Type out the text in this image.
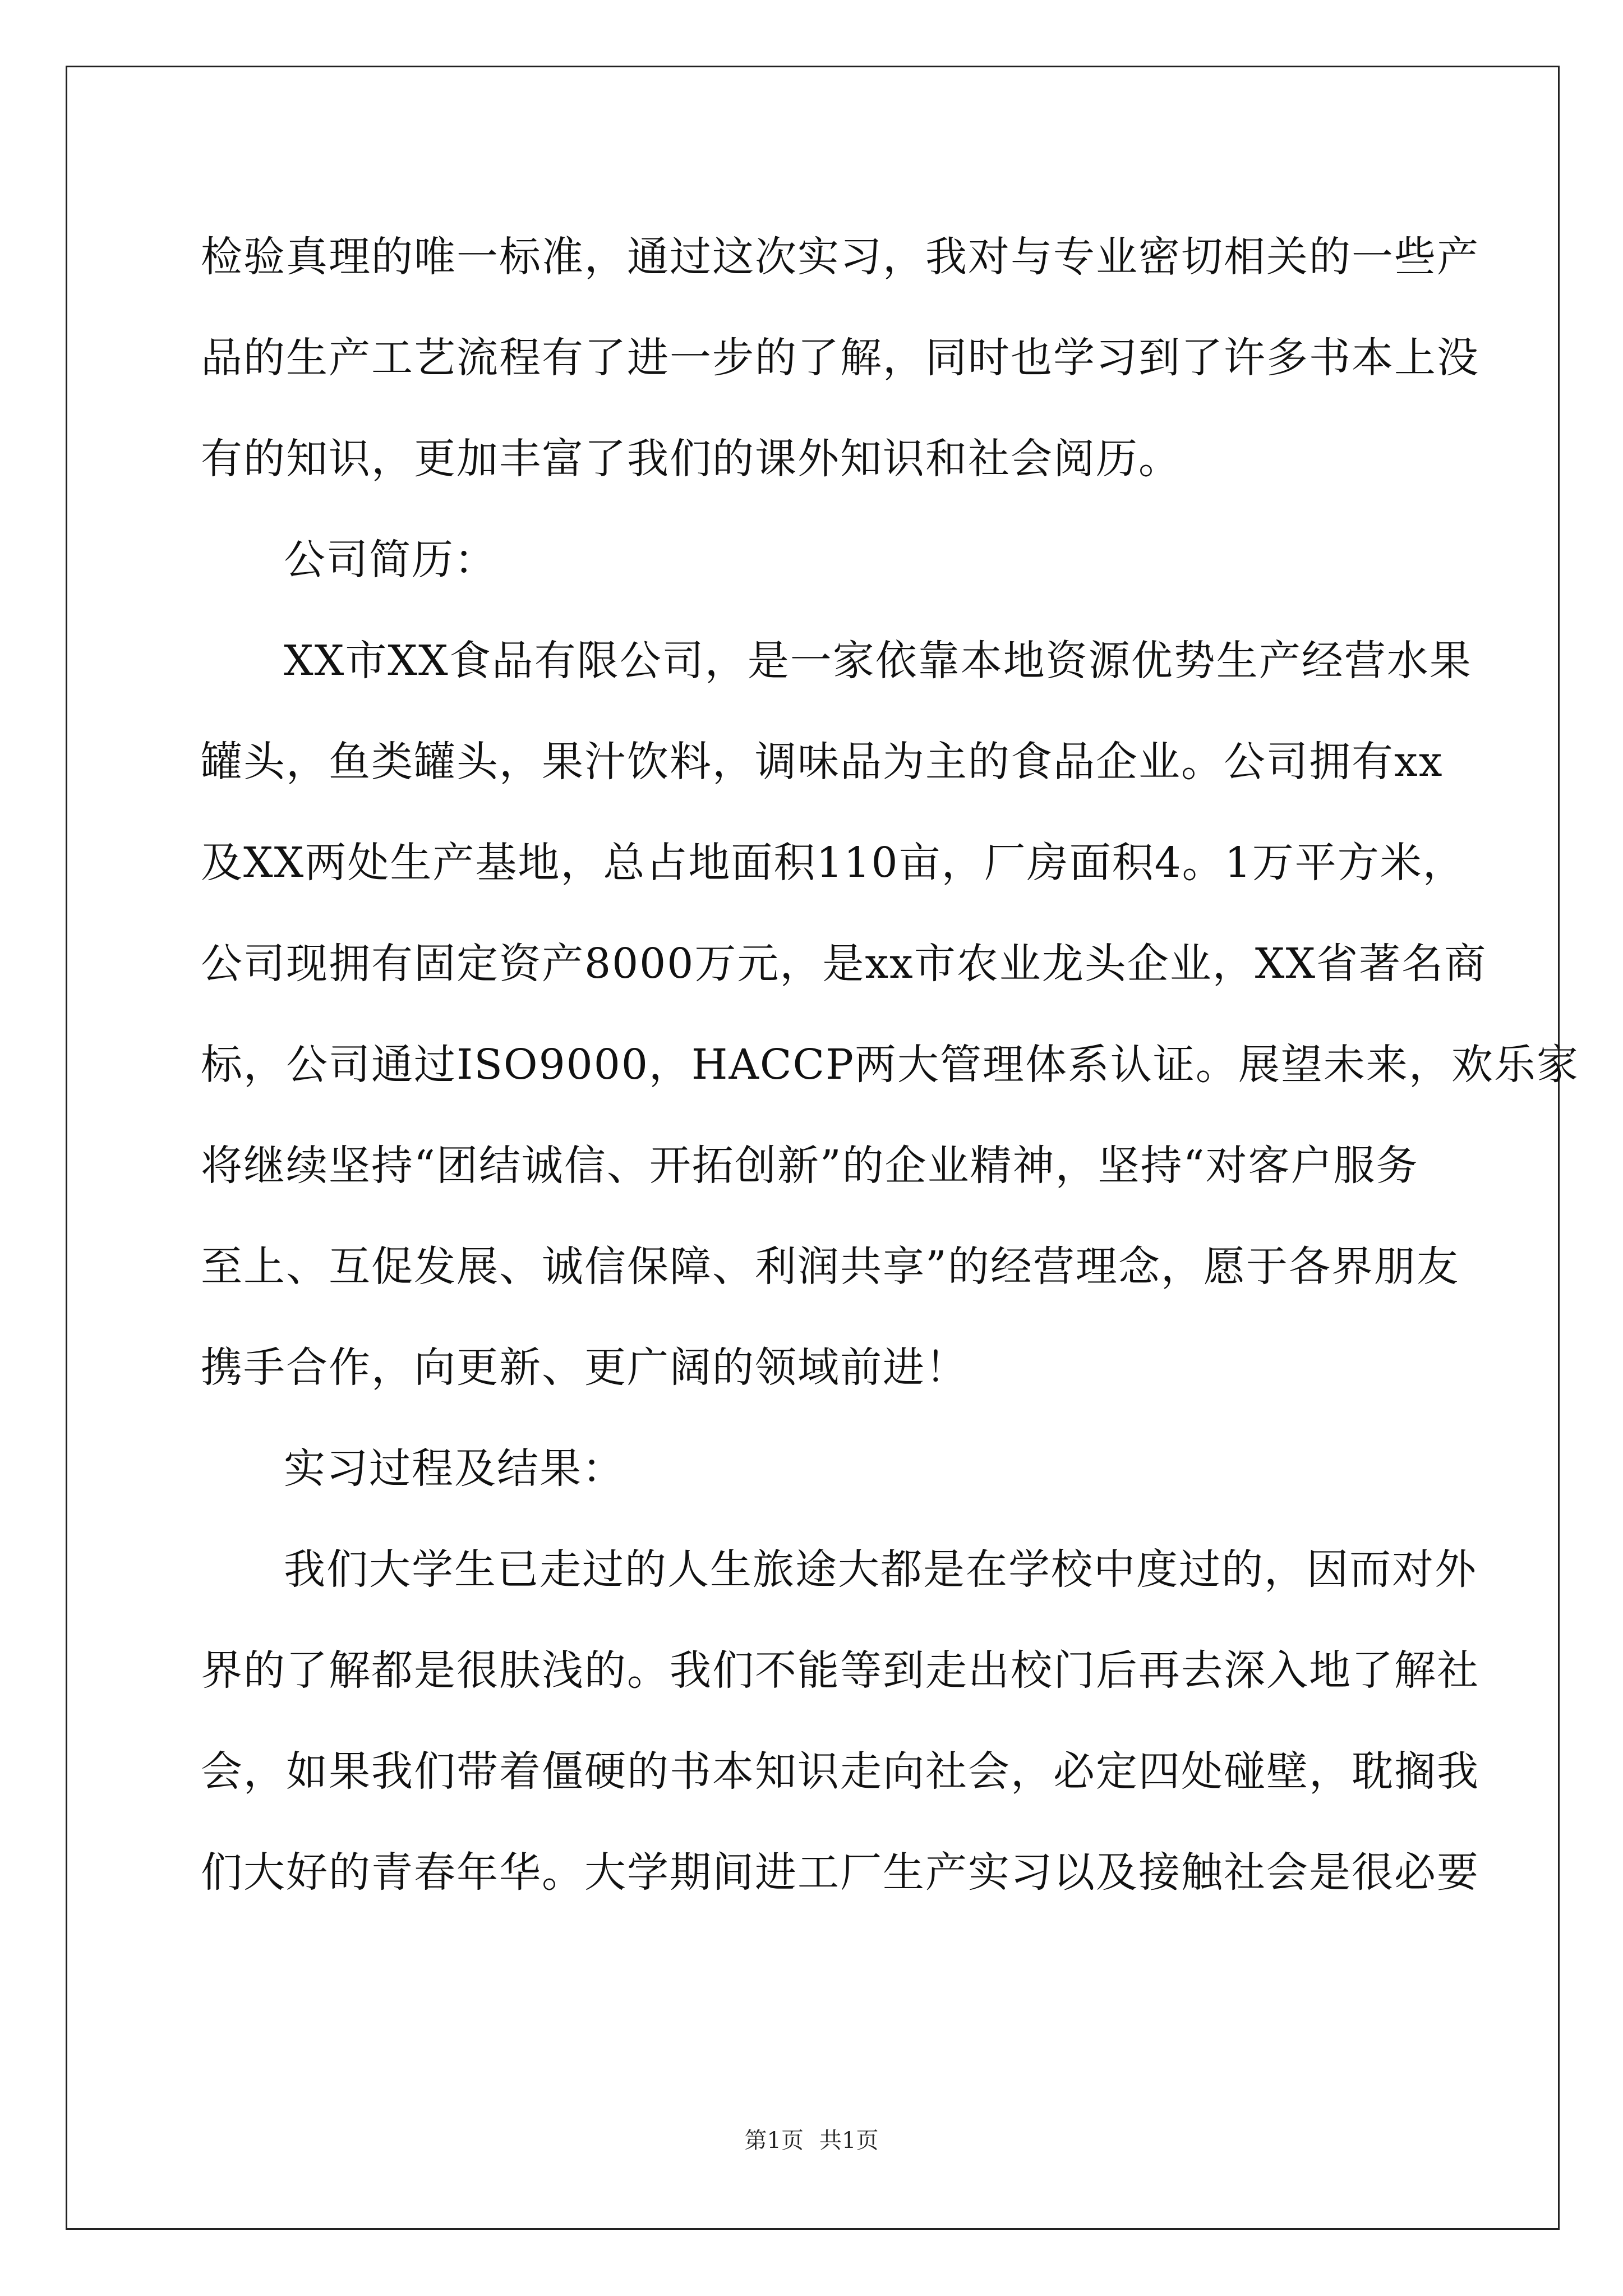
检验真理的唯一标准，通过这次实习，我对与专业密切相关的一些产
品的生产工艺流程有了进一步的了解，同时也学习到了许多书本上没
有的知识，更加丰富了我们的课外知识和社会阅历。
公司简历：
XX市XX食品有限公司，是一家依靠本地资源优势生产经营水果
罐头，鱼类罐头，果汁饮料，调味品为主的食品企业。公司拥有xx
及XX两处生产基地，总占地面积110亩，厂房面积4。1万平方米，
公司现拥有固定资产8000万元，是xx市农业龙头企业，XX省著名商
标，公司通过ISO9000，HACCP两大管理体系认证。展望未来，欢乐家
将继续坚持“团结诚信、开拓创新”的企业精神，坚持“对客户服务
至上、互促发展、诚信保障、利润共享”的经营理念，愿于各界朋友
携手合作，向更新、更广阔的领域前进！
实习过程及结果：
我们大学生已走过的人生旅途大都是在学校中度过的，因而对外
界的了解都是很肤浅的。我们不能等到走出校门后再去深入地了解社
会，如果我们带着僵硬的书本知识走向社会，必定四处碰壁，耽搁我
们大好的青春年华。大学期间进工厂生产实习以及接触社会是很必要
第1页 共1页
